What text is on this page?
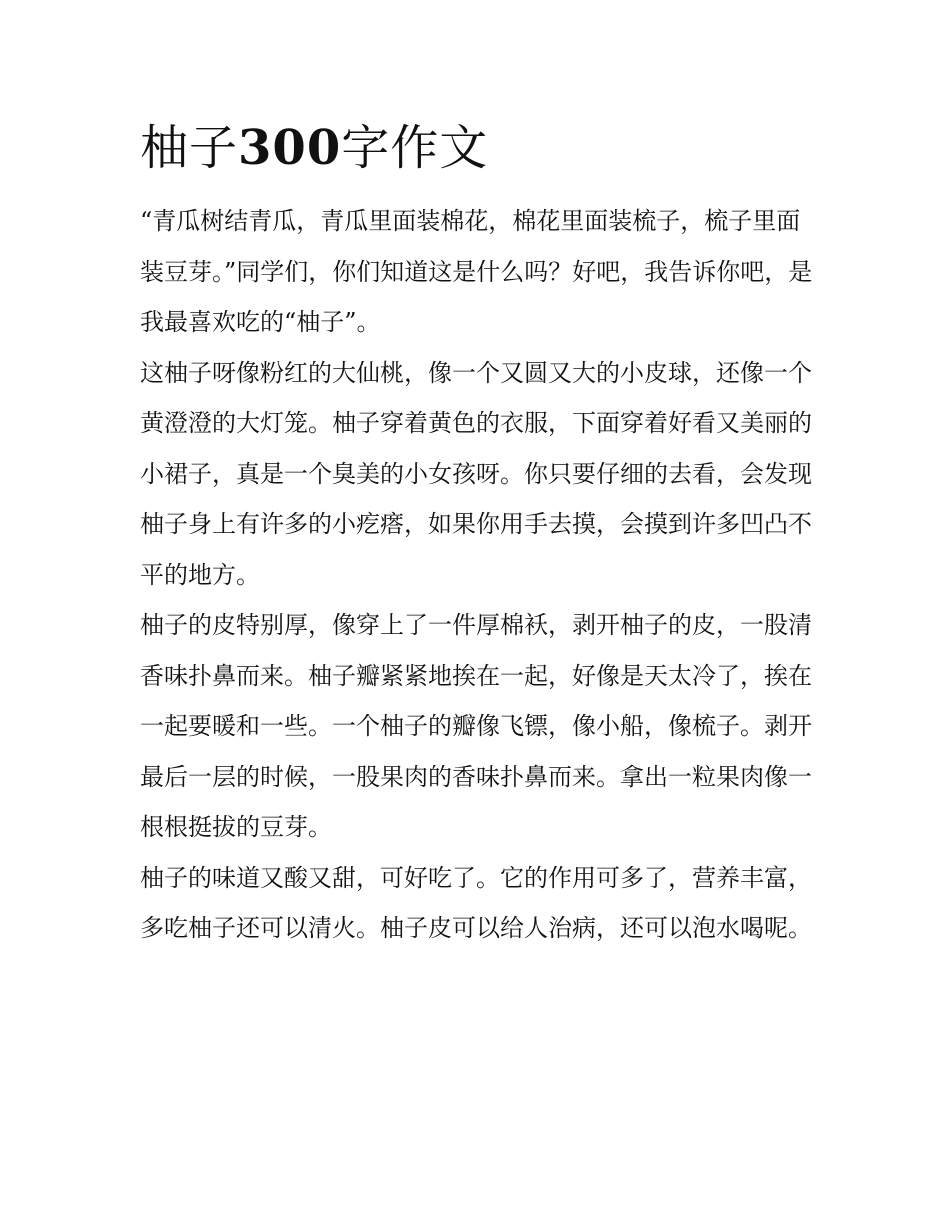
柚子300字作文

“青瓜树结青瓜，青瓜里面装棉花，棉花里面装梳子，梳子里面装豆芽。”同学们，你们知道这是什么吗？好吧，我告诉你吧，是我最喜欢吃的“柚子”。

这柚子呀像粉红的大仙桃，像一个又圆又大的小皮球，还像一个黄澄澄的大灯笼。柚子穿着黄色的衣服，下面穿着好看又美丽的小裙子，真是一个臭美的小女孩呀。你只要仔细的去看，会发现柚子身上有许多的小疙瘩，如果你用手去摸，会摸到许多凹凸不平的地方。

柚子的皮特别厚，像穿上了一件厚棉袄，剥开柚子的皮，一股清香味扑鼻而来。柚子瓣紧紧地挨在一起，好像是天太冷了，挨在一起要暖和一些。一个柚子的瓣像飞镖，像小船，像梳子。剥开最后一层的时候，一股果肉的香味扑鼻而来。拿出一粒果肉像一根根挺拔的豆芽。

柚子的味道又酸又甜，可好吃了。它的作用可多了，营养丰富，多吃柚子还可以清火。柚子皮可以给人治病，还可以泡水喝呢。
